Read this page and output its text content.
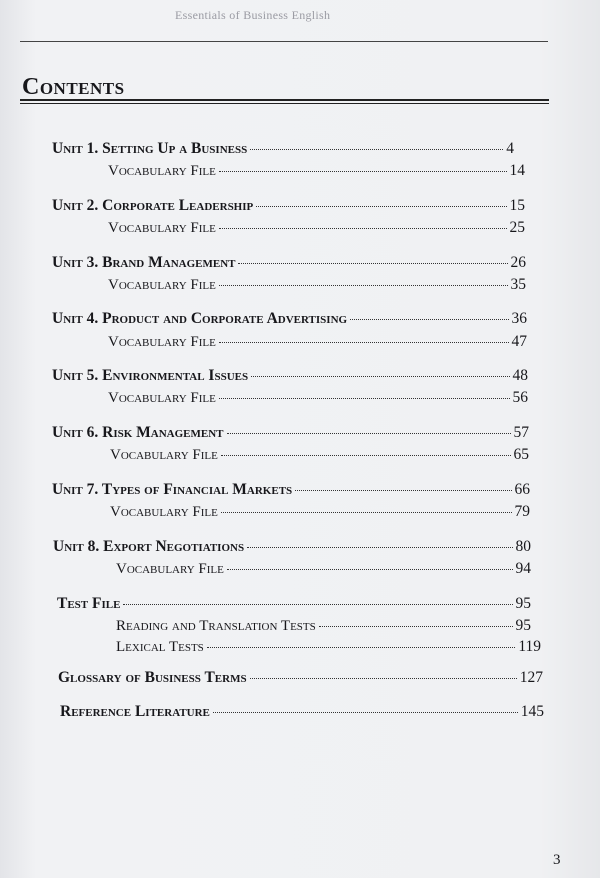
Essentials of Business English
Contents
Unit 1. Setting Up a Business	4
Vocabulary File	14
Unit 2. Corporate Leadership	15
Vocabulary File	25
Unit 3. Brand Management	26
Vocabulary File	35
Unit 4. Product and Corporate Advertising	36
Vocabulary File	47
Unit 5. Environmental Issues	48
Vocabulary File	56
Unit 6. Risk Management	57
Vocabulary File	65
Unit 7. Types of Financial Markets	66
Vocabulary File	79
Unit 8. Export Negotiations	80
Vocabulary File	94
Test File	95
Reading and Translation Tests	95
Lexical Tests	119
Glossary of Business Terms	127
Reference Literature	145
3
